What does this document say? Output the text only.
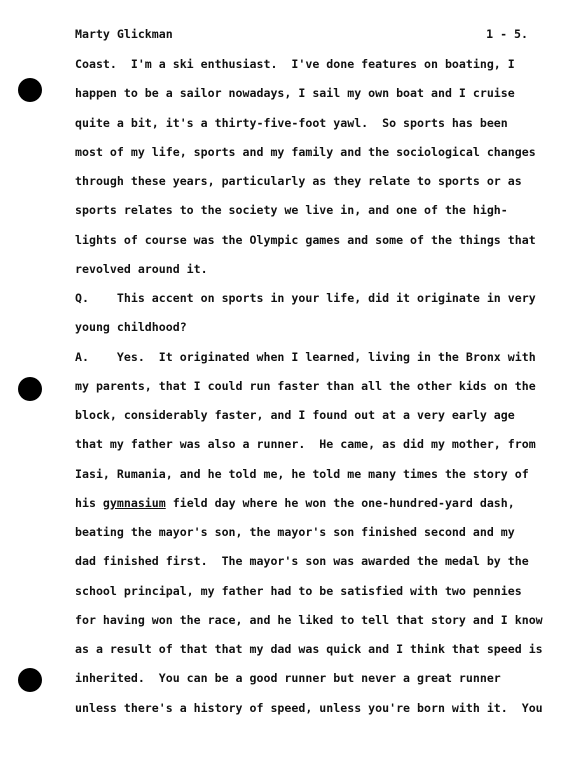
Marty Glickman	1 - 5.
Coast.  I'm a ski enthusiast.  I've done features on boating, I
happen to be a sailor nowadays, I sail my own boat and I cruise
quite a bit, it's a thirty-five-foot yawl.  So sports has been
most of my life, sports and my family and the sociological changes
through these years, particularly as they relate to sports or as
sports relates to the society we live in, and one of the high-
lights of course was the Olympic games and some of the things that
revolved around it.
Q.    This accent on sports in your life, did it originate in very
young childhood?
A.    Yes.  It originated when I learned, living in the Bronx with
my parents, that I could run faster than all the other kids on the
block, considerably faster, and I found out at a very early age
that my father was also a runner.  He came, as did my mother, from
Iasi, Rumania, and he told me, he told me many times the story of
his gymnasium field day where he won the one-hundred-yard dash,
beating the mayor's son, the mayor's son finished second and my
dad finished first.  The mayor's son was awarded the medal by the
school principal, my father had to be satisfied with two pennies
for having won the race, and he liked to tell that story and I know
as a result of that that my dad was quick and I think that speed is
inherited.  You can be a good runner but never a great runner
unless there's a history of speed, unless you're born with it.  You
